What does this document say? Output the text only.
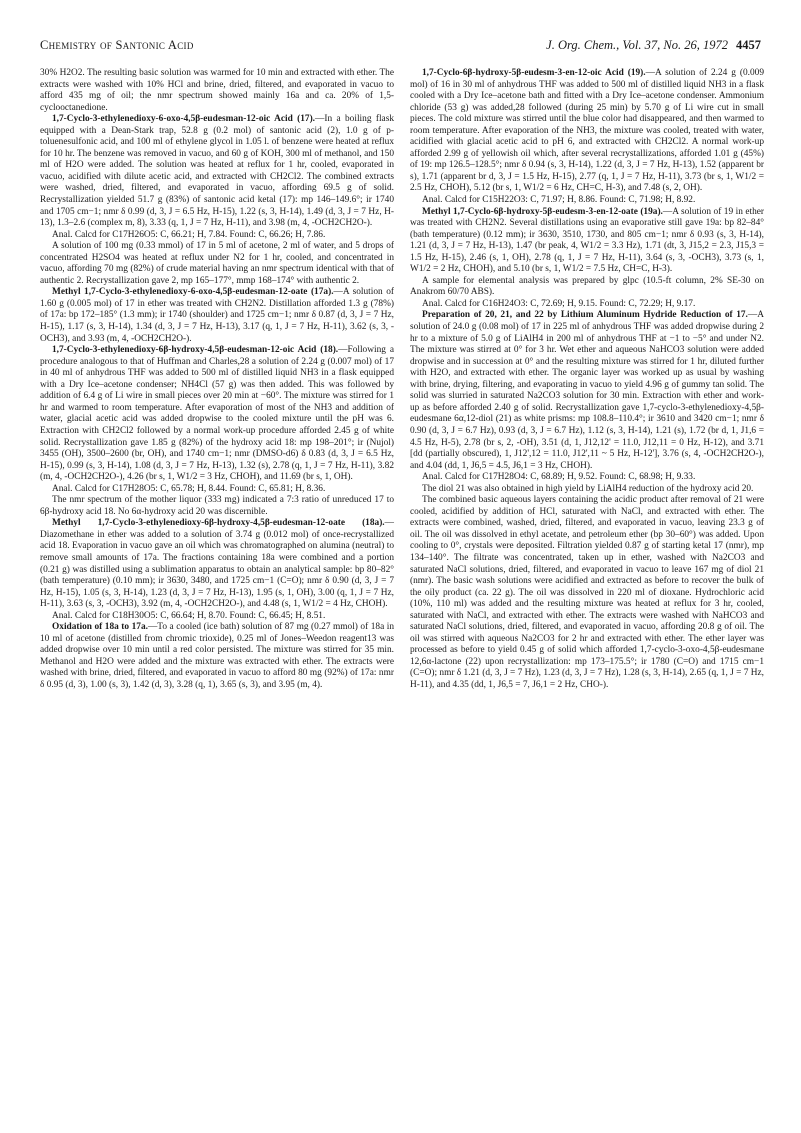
Chemistry of Santonic Acid	J. Org. Chem., Vol. 37, No. 26, 1972 4457

30% H2O2. The resulting basic solution was warmed for 10 min and extracted with ether. The extracts were washed with 10% HCl and brine, dried, filtered, and evaporated in vacuo to afford 435 mg of oil; the nmr spectrum showed mainly 16a and ca. 20% of 1,5-cyclooctanedione.

1,7-Cyclo-3-ethylenedioxy-6-oxo-4,5β-eudesman-12-oic Acid (17).—In a boiling flask equipped with a Dean-Stark trap, 52.8 g (0.2 mol) of santonic acid (2), 1.0 g of p-toluenesulfonic acid, and 100 ml of ethylene glycol in 1.05 l. of benzene were heated at reflux for 10 hr. The benzene was removed in vacuo, and 60 g of KOH, 300 ml of methanol, and 150 ml of H2O were added. The solution was heated at reflux for 1 hr, cooled, evaporated in vacuo, acidified with dilute acetic acid, and extracted with CH2Cl2. The combined extracts were washed, dried, filtered, and evaporated in vacuo, affording 69.5 g of solid. Recrystallization yielded 51.7 g (83%) of santonic acid ketal (17): mp 146–149.6°; ir 1740 and 1705 cm−1; nmr δ 0.99 (d, 3, J = 6.5 Hz, H-15), 1.22 (s, 3, H-14), 1.49 (d, 3, J = 7 Hz, H-13), 1.3–2.6 (complex m, 8), 3.33 (q, 1, J = 7 Hz, H-11), and 3.98 (m, 4, -OCH2CH2O-).

Anal. Calcd for C17H26O5: C, 66.21; H, 7.84. Found: C, 66.26; H, 7.86.

A solution of 100 mg (0.33 mmol) of 17 in 5 ml of acetone, 2 ml of water, and 5 drops of concentrated H2SO4 was heated at reflux under N2 for 1 hr, cooled, and concentrated in vacuo, affording 70 mg (82%) of crude material having an nmr spectrum identical with that of authentic 2. Recrystallization gave 2, mp 165–177°, mmp 168–174° with authentic 2.

Methyl 1,7-Cyclo-3-ethylenedioxy-6-oxo-4,5β-eudesman-12-oate (17a).—A solution of 1.60 g (0.005 mol) of 17 in ether was treated with CH2N2. Distillation afforded 1.3 g (78%) of 17a: bp 172–185° (1.3 mm); ir 1740 (shoulder) and 1725 cm−1; nmr δ 0.87 (d, 3, J = 7 Hz, H-15), 1.17 (s, 3, H-14), 1.34 (d, 3, J = 7 Hz, H-13), 3.17 (q, 1, J = 7 Hz, H-11), 3.62 (s, 3, -OCH3), and 3.93 (m, 4, -OCH2CH2O-).

1,7-Cyclo-3-ethylenedioxy-6β-hydroxy-4,5β-eudesman-12-oic Acid (18).—Following a procedure analogous to that of Huffman and Charles,28 a solution of 2.24 g (0.007 mol) of 17 in 40 ml of anhydrous THF was added to 500 ml of distilled liquid NH3 in a flask equipped with a Dry Ice–acetone condenser; NH4Cl (57 g) was then added. This was followed by addition of 6.4 g of Li wire in small pieces over 20 min at −60°. The mixture was stirred for 1 hr and warmed to room temperature. After evaporation of most of the NH3 and addition of water, glacial acetic acid was added dropwise to the cooled mixture until the pH was 6. Extraction with CH2Cl2 followed by a normal work-up procedure afforded 2.45 g of white solid. Recrystallization gave 1.85 g (82%) of the hydroxy acid 18: mp 198–201°; ir (Nujol) 3455 (OH), 3500–2600 (br, OH), and 1740 cm−1; nmr (DMSO-d6) δ 0.83 (d, 3, J = 6.5 Hz, H-15), 0.99 (s, 3, H-14), 1.08 (d, 3, J = 7 Hz, H-13), 1.32 (s), 2.78 (q, 1, J = 7 Hz, H-11), 3.82 (m, 4, -OCH2CH2O-), 4.26 (br s, 1, W1/2 = 3 Hz, CHOH), and 11.69 (br s, 1, OH).

Anal. Calcd for C17H28O5: C, 65.78; H, 8.44. Found: C, 65.81; H, 8.36.

The nmr spectrum of the mother liquor (333 mg) indicated a 7:3 ratio of unreduced 17 to 6β-hydroxy acid 18. No 6α-hydroxy acid 20 was discernible.

Methyl 1,7-Cyclo-3-ethylenedioxy-6β-hydroxy-4,5β-eudesman-12-oate (18a).—Diazomethane in ether was added to a solution of 3.74 g (0.012 mol) of once-recrystallized acid 18. Evaporation in vacuo gave an oil which was chromatographed on alumina (neutral) to remove small amounts of 17a. The fractions containing 18a were combined and a portion (0.21 g) was distilled using a sublimation apparatus to obtain an analytical sample: bp 80–82° (bath temperature) (0.10 mm); ir 3630, 3480, and 1725 cm−1 (C=O); nmr δ 0.90 (d, 3, J = 7 Hz, H-15), 1.05 (s, 3, H-14), 1.23 (d, 3, J = 7 Hz, H-13), 1.95 (s, 1, OH), 3.00 (q, 1, J = 7 Hz, H-11), 3.63 (s, 3, -OCH3), 3.92 (m, 4, -OCH2CH2O-), and 4.48 (s, 1, W1/2 = 4 Hz, CHOH).

Anal. Calcd for C18H30O5: C, 66.64; H, 8.70. Found: C, 66.45; H, 8.51.

Oxidation of 18a to 17a.—To a cooled (ice bath) solution of 87 mg (0.27 mmol) of 18a in 10 ml of acetone (distilled from chromic trioxide), 0.25 ml of Jones–Weedon reagent13 was added dropwise over 10 min until a red color persisted. The mixture was stirred for 35 min. Methanol and H2O were added and the mixture was extracted with ether. The extracts were washed with brine, dried, filtered, and evaporated in vacuo to afford 80 mg (92%) of 17a: nmr δ 0.95 (d, 3), 1.00 (s, 3), 1.42 (d, 3), 3.28 (q, 1), 3.65 (s, 3), and 3.95 (m, 4).

1,7-Cyclo-6β-hydroxy-5β-eudesm-3-en-12-oic Acid (19).—A solution of 2.24 g (0.009 mol) of 16 in 30 ml of anhydrous THF was added to 500 ml of distilled liquid NH3 in a flask cooled with a Dry Ice–acetone bath and fitted with a Dry Ice–acetone condenser. Ammonium chloride (53 g) was added,28 followed (during 25 min) by 5.70 g of Li wire cut in small pieces. The cold mixture was stirred until the blue color had disappeared, and then warmed to room temperature. After evaporation of the NH3, the mixture was cooled, treated with water, acidified with glacial acetic acid to pH 6, and extracted with CH2Cl2. A normal work-up afforded 2.99 g of yellowish oil which, after several recrystallizations, afforded 1.01 g (45%) of 19: mp 126.5–128.5°; nmr δ 0.94 (s, 3, H-14), 1.22 (d, 3, J = 7 Hz, H-13), 1.52 (apparent br s), 1.71 (apparent br d, 3, J = 1.5 Hz, H-15), 2.77 (q, 1, J = 7 Hz, H-11), 3.73 (br s, 1, W1/2 = 2.5 Hz, CHOH), 5.12 (br s, 1, W1/2 = 6 Hz, CH=C, H-3), and 7.48 (s, 2, OH).

Anal. Calcd for C15H22O3: C, 71.97; H, 8.86. Found: C, 71.98; H, 8.92.

Methyl 1,7-Cyclo-6β-hydroxy-5β-eudesm-3-en-12-oate (19a).—A solution of 19 in ether was treated with CH2N2. Several distillations using an evaporative still gave 19a: bp 82–84° (bath temperature) (0.12 mm); ir 3630, 3510, 1730, and 805 cm−1; nmr δ 0.93 (s, 3, H-14), 1.21 (d, 3, J = 7 Hz, H-13), 1.47 (br peak, 4, W1/2 = 3.3 Hz), 1.71 (dt, 3, J15,2 = 2.3, J15,3 = 1.5 Hz, H-15), 2.46 (s, 1, OH), 2.78 (q, 1, J = 7 Hz, H-11), 3.64 (s, 3, -OCH3), 3.73 (s, 1, W1/2 = 2 Hz, CHOH), and 5.10 (br s, 1, W1/2 = 7.5 Hz, CH=C, H-3).

A sample for elemental analysis was prepared by glpc (10.5-ft column, 2% SE-30 on Anakrom 60/70 ABS).

Anal. Calcd for C16H24O3: C, 72.69; H, 9.15. Found: C, 72.29; H, 9.17.

Preparation of 20, 21, and 22 by Lithium Aluminum Hydride Reduction of 17.—A solution of 24.0 g (0.08 mol) of 17 in 225 ml of anhydrous THF was added dropwise during 2 hr to a mixture of 5.0 g of LiAlH4 in 200 ml of anhydrous THF at −1 to −5° and under N2. The mixture was stirred at 0° for 3 hr. Wet ether and aqueous NaHCO3 solution were added dropwise and in succession at 0° and the resulting mixture was stirred for 1 hr, diluted further with H2O, and extracted with ether. The organic layer was worked up as usual by washing with brine, drying, filtering, and evaporating in vacuo to yield 4.96 g of gummy tan solid. The solid was slurried in saturated Na2CO3 solution for 30 min. Extraction with ether and work-up as before afforded 2.40 g of solid. Recrystallization gave 1,7-cyclo-3-ethylenedioxy-4,5β-eudesmane 6α,12-diol (21) as white prisms: mp 108.8–110.4°; ir 3610 and 3420 cm−1; nmr δ 0.90 (d, 3, J = 6.7 Hz), 0.93 (d, 3, J = 6.7 Hz), 1.12 (s, 3, H-14), 1.21 (s), 1.72 (br d, 1, J1,6 = 4.5 Hz, H-5), 2.78 (br s, 2, -OH), 3.51 (d, 1, J12,12' = 11.0, J12,11 = 0 Hz, H-12), and 3.71 [dd (partially obscured), 1, J12',12 = 11.0, J12',11 ~ 5 Hz, H-12'], 3.76 (s, 4, -OCH2CH2O-), and 4.04 (dd, 1, J6,5 = 4.5, J6,1 = 3 Hz, CHOH).

Anal. Calcd for C17H28O4: C, 68.89; H, 9.52. Found: C, 68.98; H, 9.33.

The diol 21 was also obtained in high yield by LiAlH4 reduction of the hydroxy acid 20.

The combined basic aqueous layers containing the acidic product after removal of 21 were cooled, acidified by addition of HCl, saturated with NaCl, and extracted with ether. The extracts were combined, washed, dried, filtered, and evaporated in vacuo, leaving 23.3 g of oil. The oil was dissolved in ethyl acetate, and petroleum ether (bp 30–60°) was added. Upon cooling to 0°, crystals were deposited. Filtration yielded 0.87 g of starting ketal 17 (nmr), mp 134–140°. The filtrate was concentrated, taken up in ether, washed with Na2CO3 and saturated NaCl solutions, dried, filtered, and evaporated in vacuo to leave 167 mg of diol 21 (nmr). The basic wash solutions were acidified and extracted as before to recover the bulk of the oily product (ca. 22 g). The oil was dissolved in 220 ml of dioxane. Hydrochloric acid (10%, 110 ml) was added and the resulting mixture was heated at reflux for 3 hr, cooled, saturated with NaCl, and extracted with ether. The extracts were washed with NaHCO3 and saturated NaCl solutions, dried, filtered, and evaporated in vacuo, affording 20.8 g of oil. The oil was stirred with aqueous Na2CO3 for 2 hr and extracted with ether. The ether layer was processed as before to yield 0.45 g of solid which afforded 1,7-cyclo-3-oxo-4,5β-eudesmane 12,6α-lactone (22) upon recrystallization: mp 173–175.5°; ir 1780 (C=O) and 1715 cm−1 (C=O); nmr δ 1.21 (d, 3, J = 7 Hz), 1.23 (d, 3, J = 7 Hz), 1.28 (s, 3, H-14), 2.65 (q, 1, J = 7 Hz, H-11), and 4.35 (dd, 1, J6,5 = 7, J6,1 = 2 Hz, CHO-).
